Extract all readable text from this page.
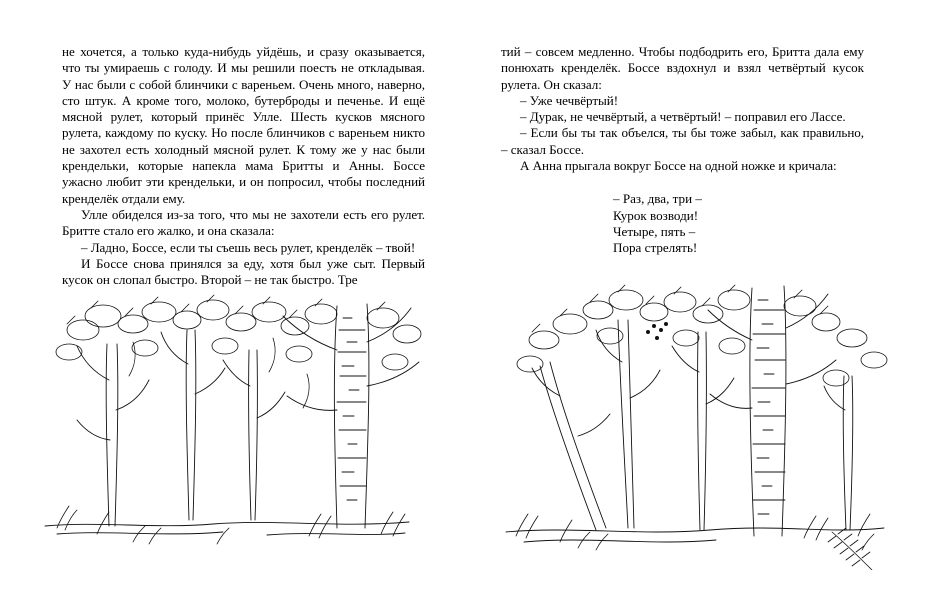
не хочется, а только куда-нибудь уйдёшь, и сразу оказывается, что ты умираешь с голоду. И мы решили поесть не откладывая. У нас были с собой блинчики с вареньем. Очень много, наверно, сто штук. А кроме того, молоко, бутерброды и печенье. И ещё мясной рулет, который принёс Улле. Шесть кусков мясного рулета, каждому по куску. Но после блинчиков с вареньем никто не захотел есть холодный мясной рулет. К тому же у нас были крендельки, которые напекла мама Бритты и Анны. Боссе ужасно любит эти крендельки, и он попросил, чтобы последний кренделёк отдали ему.

Улле обиделся из-за того, что мы не захотели есть его рулет. Бритте стало его жалко, и она сказала:

– Ладно, Боссе, если ты съешь весь рулет, кренделёк – твой!

И Боссе снова принялся за еду, хотя был уже сыт. Первый кусок он слопал быстро. Второй – не так быстро. Тре

тий – совсем медленно. Чтобы подбодрить его, Бритта дала ему понюхать кренделёк. Боссе вздохнул и взял четвёртый кусок рулета. Он сказал:

– Уже чечвёртый!

– Дурак, не чечвёртый, а четвёртый! – поправил его Лассе.

– Если бы ты так объелся, ты бы тоже забыл, как правильно, – сказал Боссе.

А Анна прыгала вокруг Боссе на одной ножке и кричала:

– Раз, два, три –

Курок возводи!

Четыре, пять –

Пора стрелять!
